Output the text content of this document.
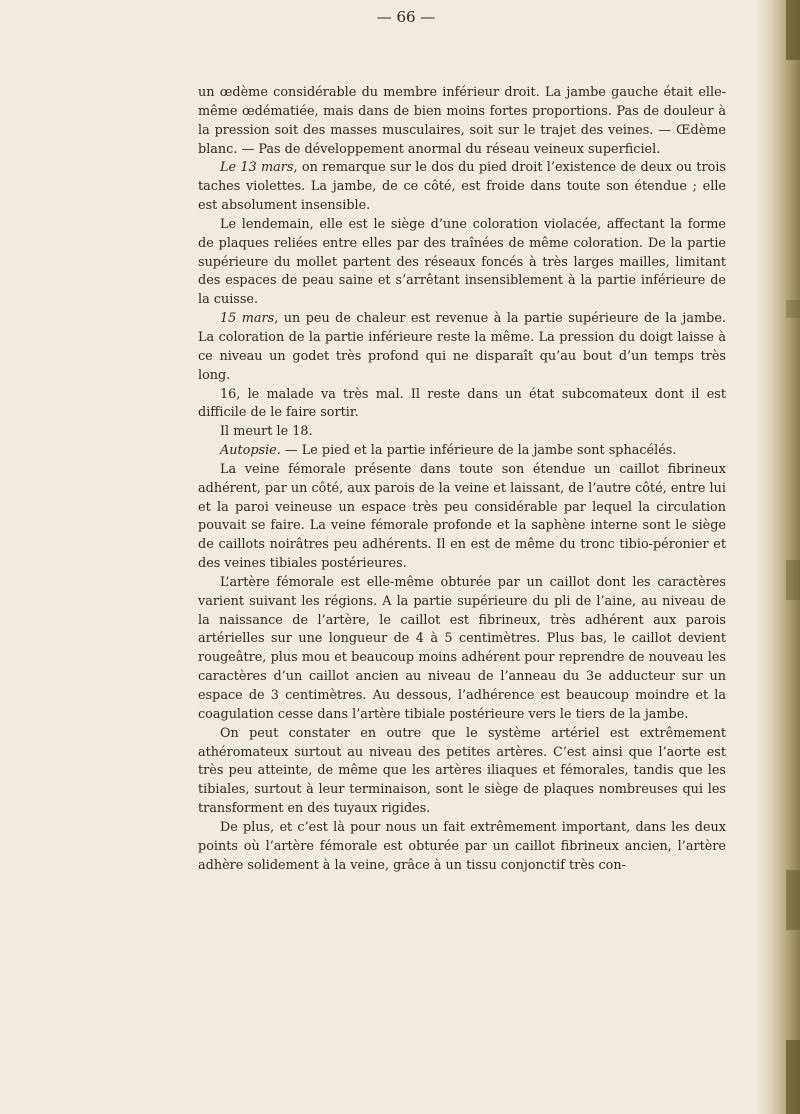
— 66 —

un œdème considérable du membre inférieur droit. La jambe gauche était elle-même œdématiée, mais dans de bien moins fortes proportions. Pas de douleur à la pression soit des masses musculaires, soit sur le trajet des veines. — Œdème blanc. — Pas de développement anormal du réseau veineux superficiel.

Le 13 mars, on remarque sur le dos du pied droit l’existence de deux ou trois taches violettes. La jambe, de ce côté, est froide dans toute son étendue ; elle est absolument insensible.

Le lendemain, elle est le siège d’une coloration violacée, affectant la forme de plaques reliées entre elles par des traînées de même coloration. De la partie supérieure du mollet partent des réseaux foncés à très larges mailles, limitant des espaces de peau saine et s’arrêtant insensiblement à la partie inférieure de la cuisse.

15 mars, un peu de chaleur est revenue à la partie supérieure de la jambe. La coloration de la partie inférieure reste la même. La pression du doigt laisse à ce niveau un godet très profond qui ne disparaît qu’au bout d’un temps très long.

16, le malade va très mal. Il reste dans un état subcomateux dont il est difficile de le faire sortir.

Il meurt le 18.

Autopsie. — Le pied et la partie inférieure de la jambe sont sphacélés.

La veine fémorale présente dans toute son étendue un caillot fibrineux adhérent, par un côté, aux parois de la veine et laissant, de l’autre côté, entre lui et la paroi veineuse un espace très peu considérable par lequel la circulation pouvait se faire. La veine fémorale profonde et la saphène interne sont le siège de caillots noirâtres peu adhérents. Il en est de même du tronc tibio-péronier et des veines tibiales postérieures.

L’artère fémorale est elle-même obturée par un caillot dont les caractères varient suivant les régions. A la partie supérieure du pli de l’aine, au niveau de la naissance de l’artère, le caillot est fibrineux, très adhérent aux parois artérielles sur une longueur de 4 à 5 centimètres. Plus bas, le caillot devient rougeâtre, plus mou et beaucoup moins adhérent pour reprendre de nouveau les caractères d’un caillot ancien au niveau de l’anneau du 3e adducteur sur un espace de 3 centimètres. Au dessous, l’adhérence est beaucoup moindre et la coagulation cesse dans l’artère tibiale postérieure vers le tiers de la jambe.

On peut constater en outre que le système artériel est extrêmement athéromateux surtout au niveau des petites artères. C’est ainsi que l’aorte est très peu atteinte, de même que les artères iliaques et fémorales, tandis que les tibiales, surtout à leur terminaison, sont le siège de plaques nombreuses qui les transforment en des tuyaux rigides.

De plus, et c’est là pour nous un fait extrêmement important, dans les deux points où l’artère fémorale est obturée par un caillot fibrineux ancien, l’artère adhère solidement à la veine, grâce à un tissu conjonctif très con-
